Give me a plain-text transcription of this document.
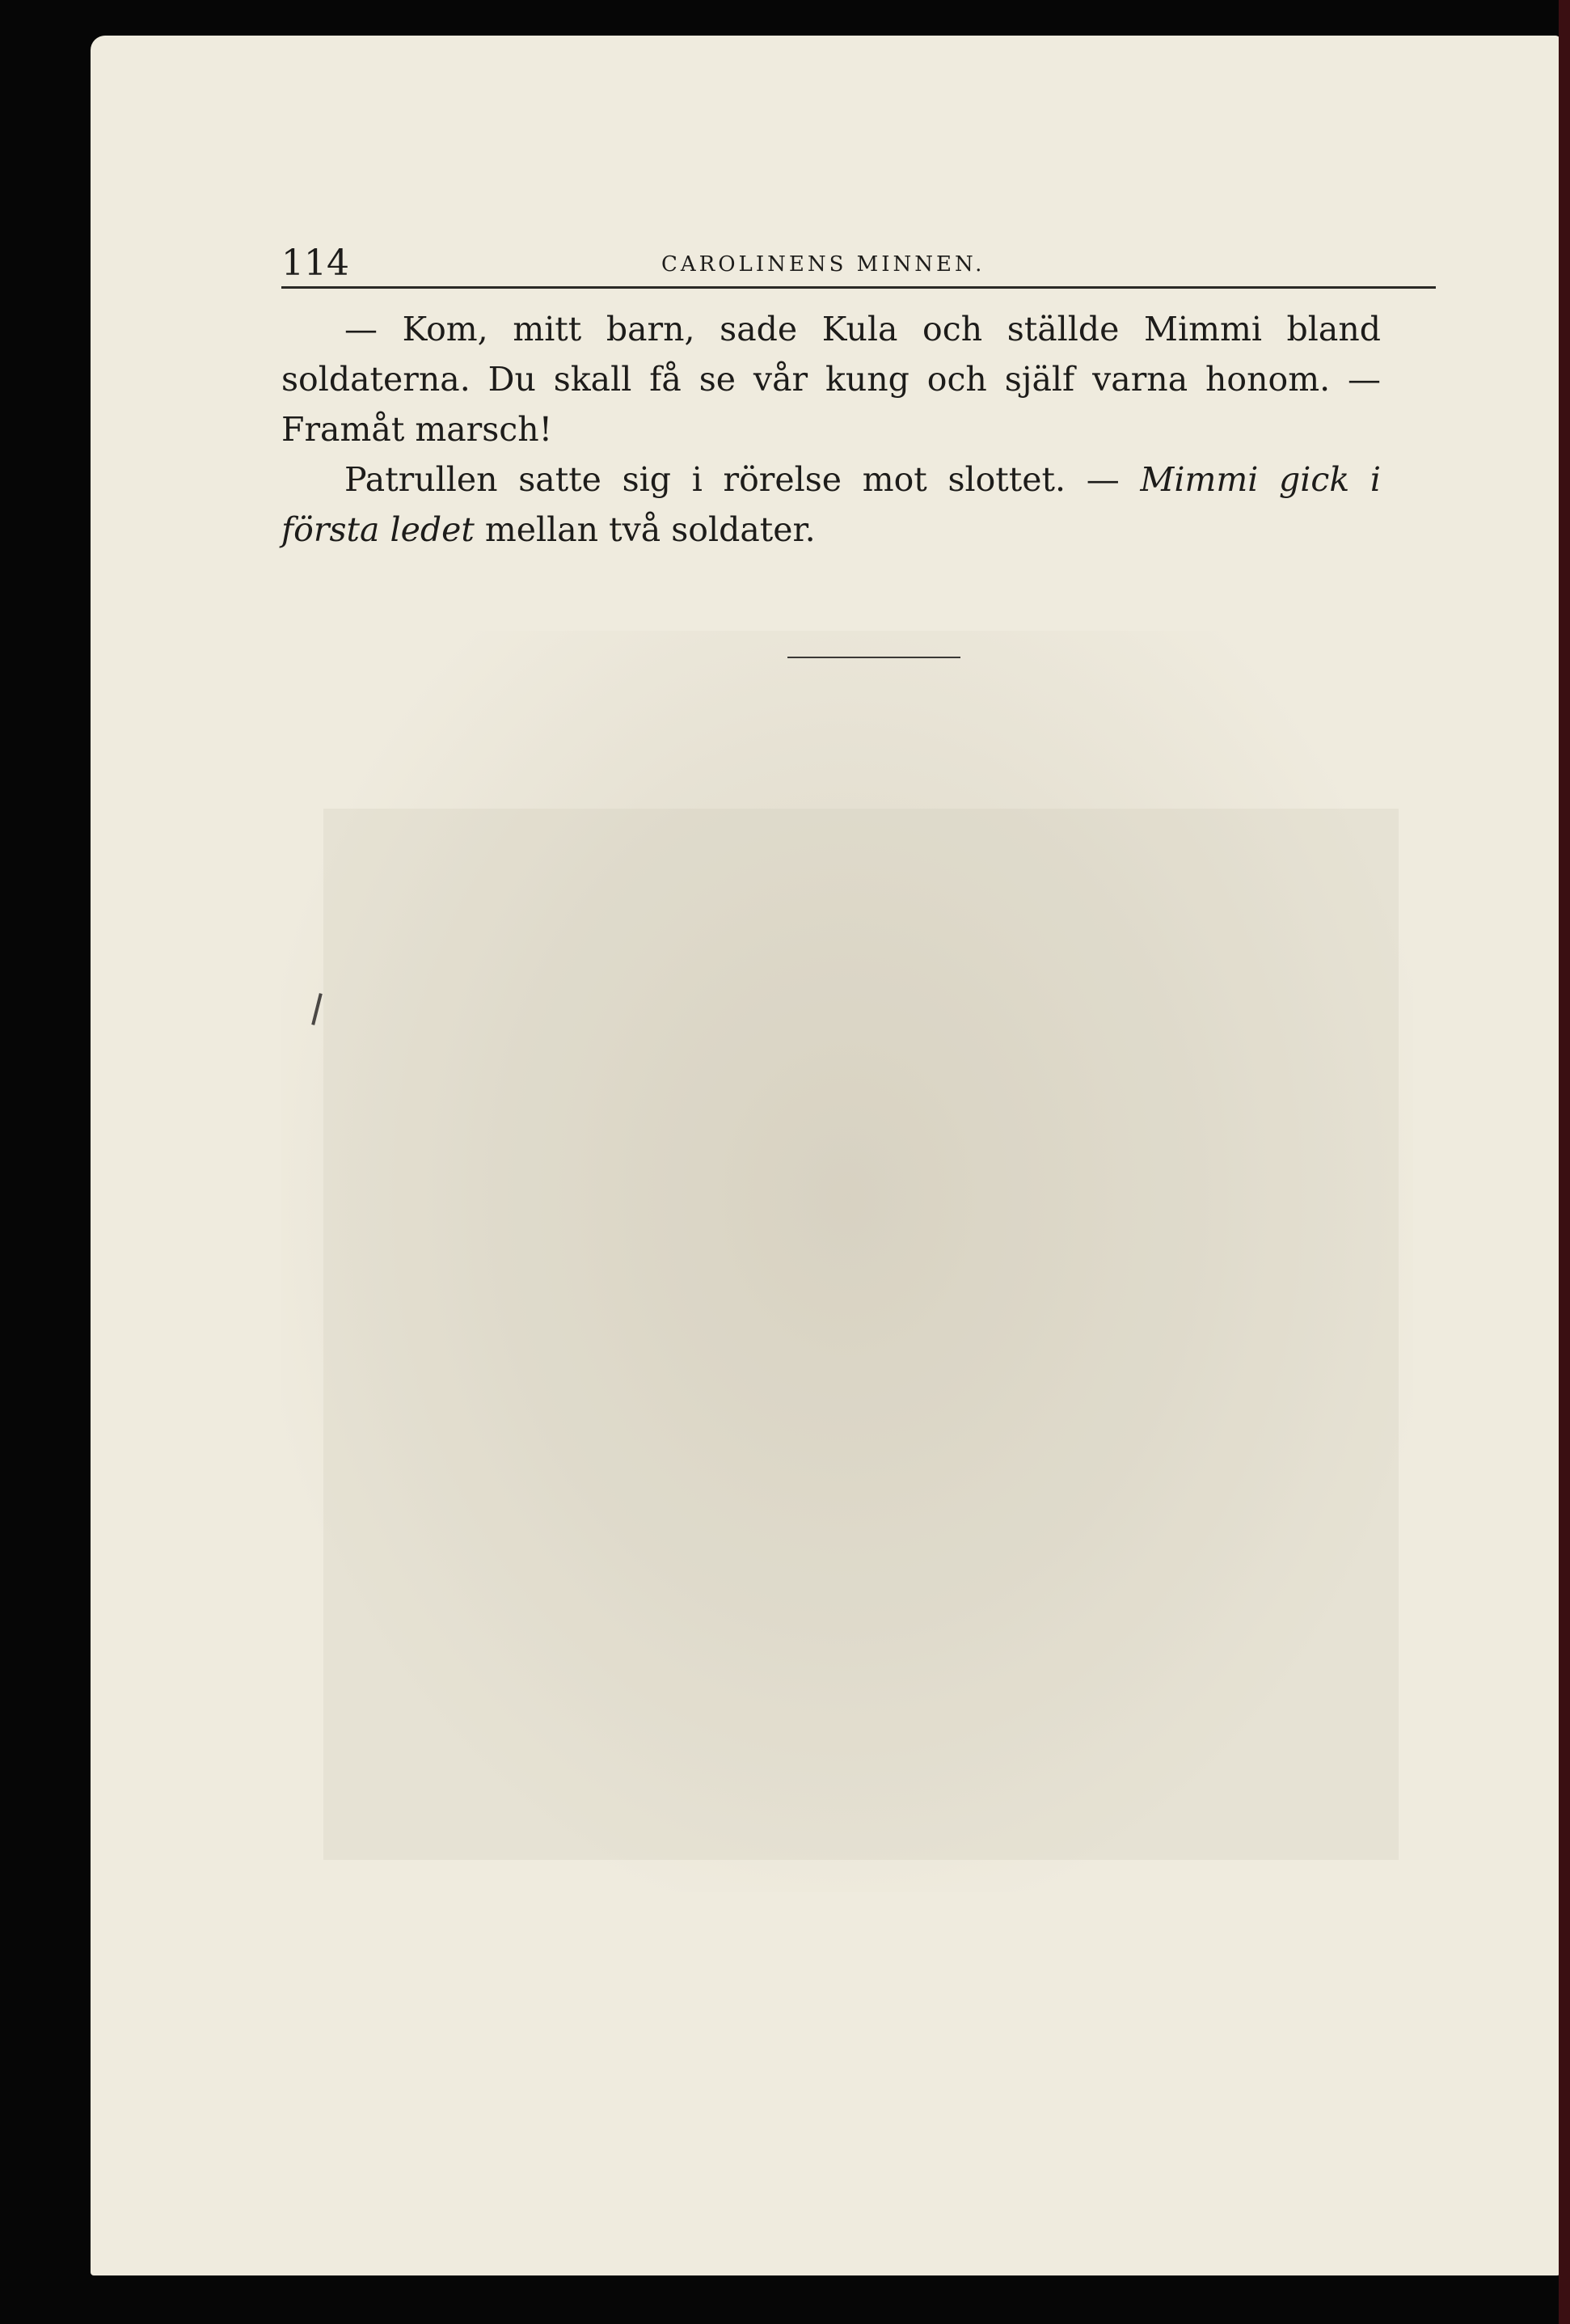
114	CAROLINENS MINNEN.
— Kom, mitt barn, sade Kula och ställde Mimmi bland
soldaterna. Du skall få se vår kung och själf varna honom. —
Framåt marsch!
Patrullen satte sig i rörelse mot slottet. — Mimmi gick i
första ledet mellan två soldater.
